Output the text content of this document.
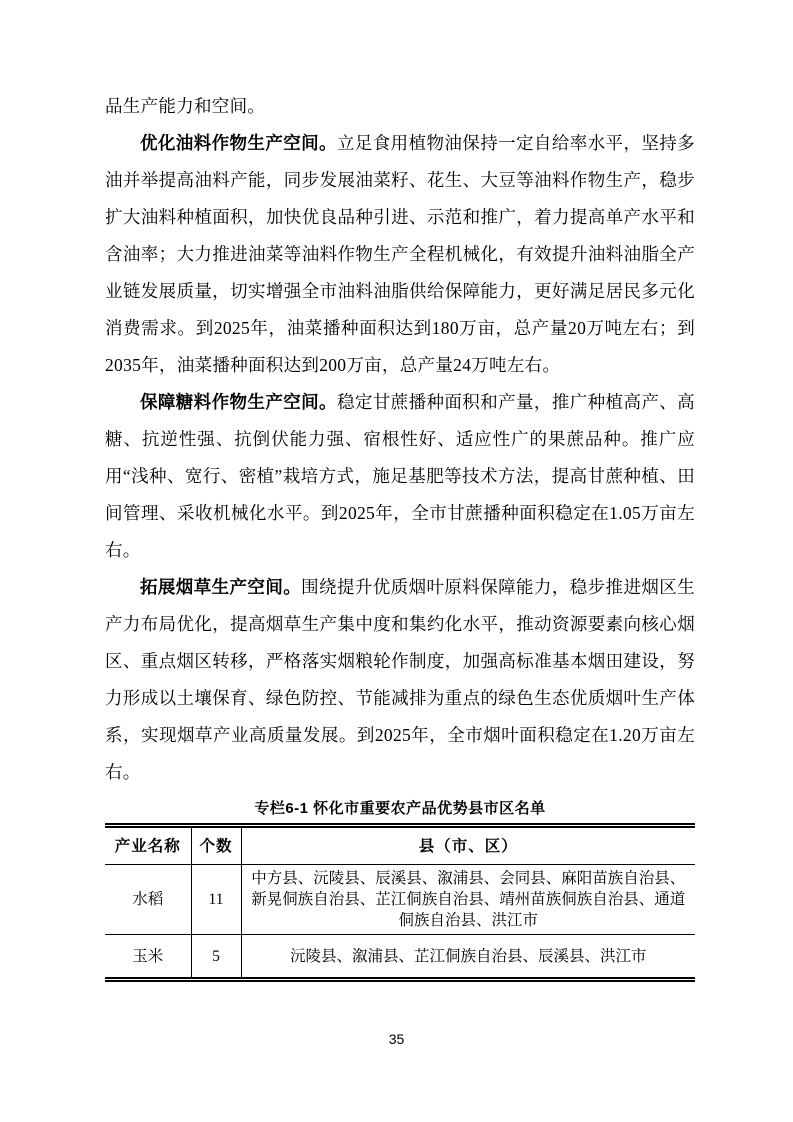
品生产能力和空间。

优化油料作物生产空间。立足食用植物油保持一定自给率水平，坚持多油并举提高油料产能，同步发展油菜籽、花生、大豆等油料作物生产，稳步扩大油料种植面积，加快优良品种引进、示范和推广，着力提高单产水平和含油率；大力推进油菜等油料作物生产全程机械化，有效提升油料油脂全产业链发展质量，切实增强全市油料油脂供给保障能力，更好满足居民多元化消费需求。到2025年，油菜播种面积达到180万亩，总产量20万吨左右；到2035年，油菜播种面积达到200万亩，总产量24万吨左右。

保障糖料作物生产空间。稳定甘蔗播种面积和产量，推广种植高产、高糖、抗逆性强、抗倒伏能力强、宿根性好、适应性广的果蔗品种。推广应用“浅种、宽行、密植”栽培方式，施足基肥等技术方法，提高甘蔗种植、田间管理、采收机械化水平。到2025年，全市甘蔗播种面积稳定在1.05万亩左右。

拓展烟草生产空间。围绕提升优质烟叶原料保障能力，稳步推进烟区生产力布局优化，提高烟草生产集中度和集约化水平，推动资源要素向核心烟区、重点烟区转移，严格落实烟粮轮作制度，加强高标准基本烟田建设，努力形成以土壤保育、绿色防控、节能减排为重点的绿色生态优质烟叶生产体系，实现烟草产业高质量发展。到2025年，全市烟叶面积稳定在1.20万亩左右。

专栏6-1 怀化市重要农产品优势县市区名单
产业名称	个数	县（市、区）
水稻	11	中方县、沅陵县、辰溪县、溆浦县、会同县、麻阳苗族自治县、新晃侗族自治县、芷江侗族自治县、靖州苗族侗族自治县、通道侗族自治县、洪江市
玉米	5	沅陵县、溆浦县、芷江侗族自治县、辰溪县、洪江市
35
